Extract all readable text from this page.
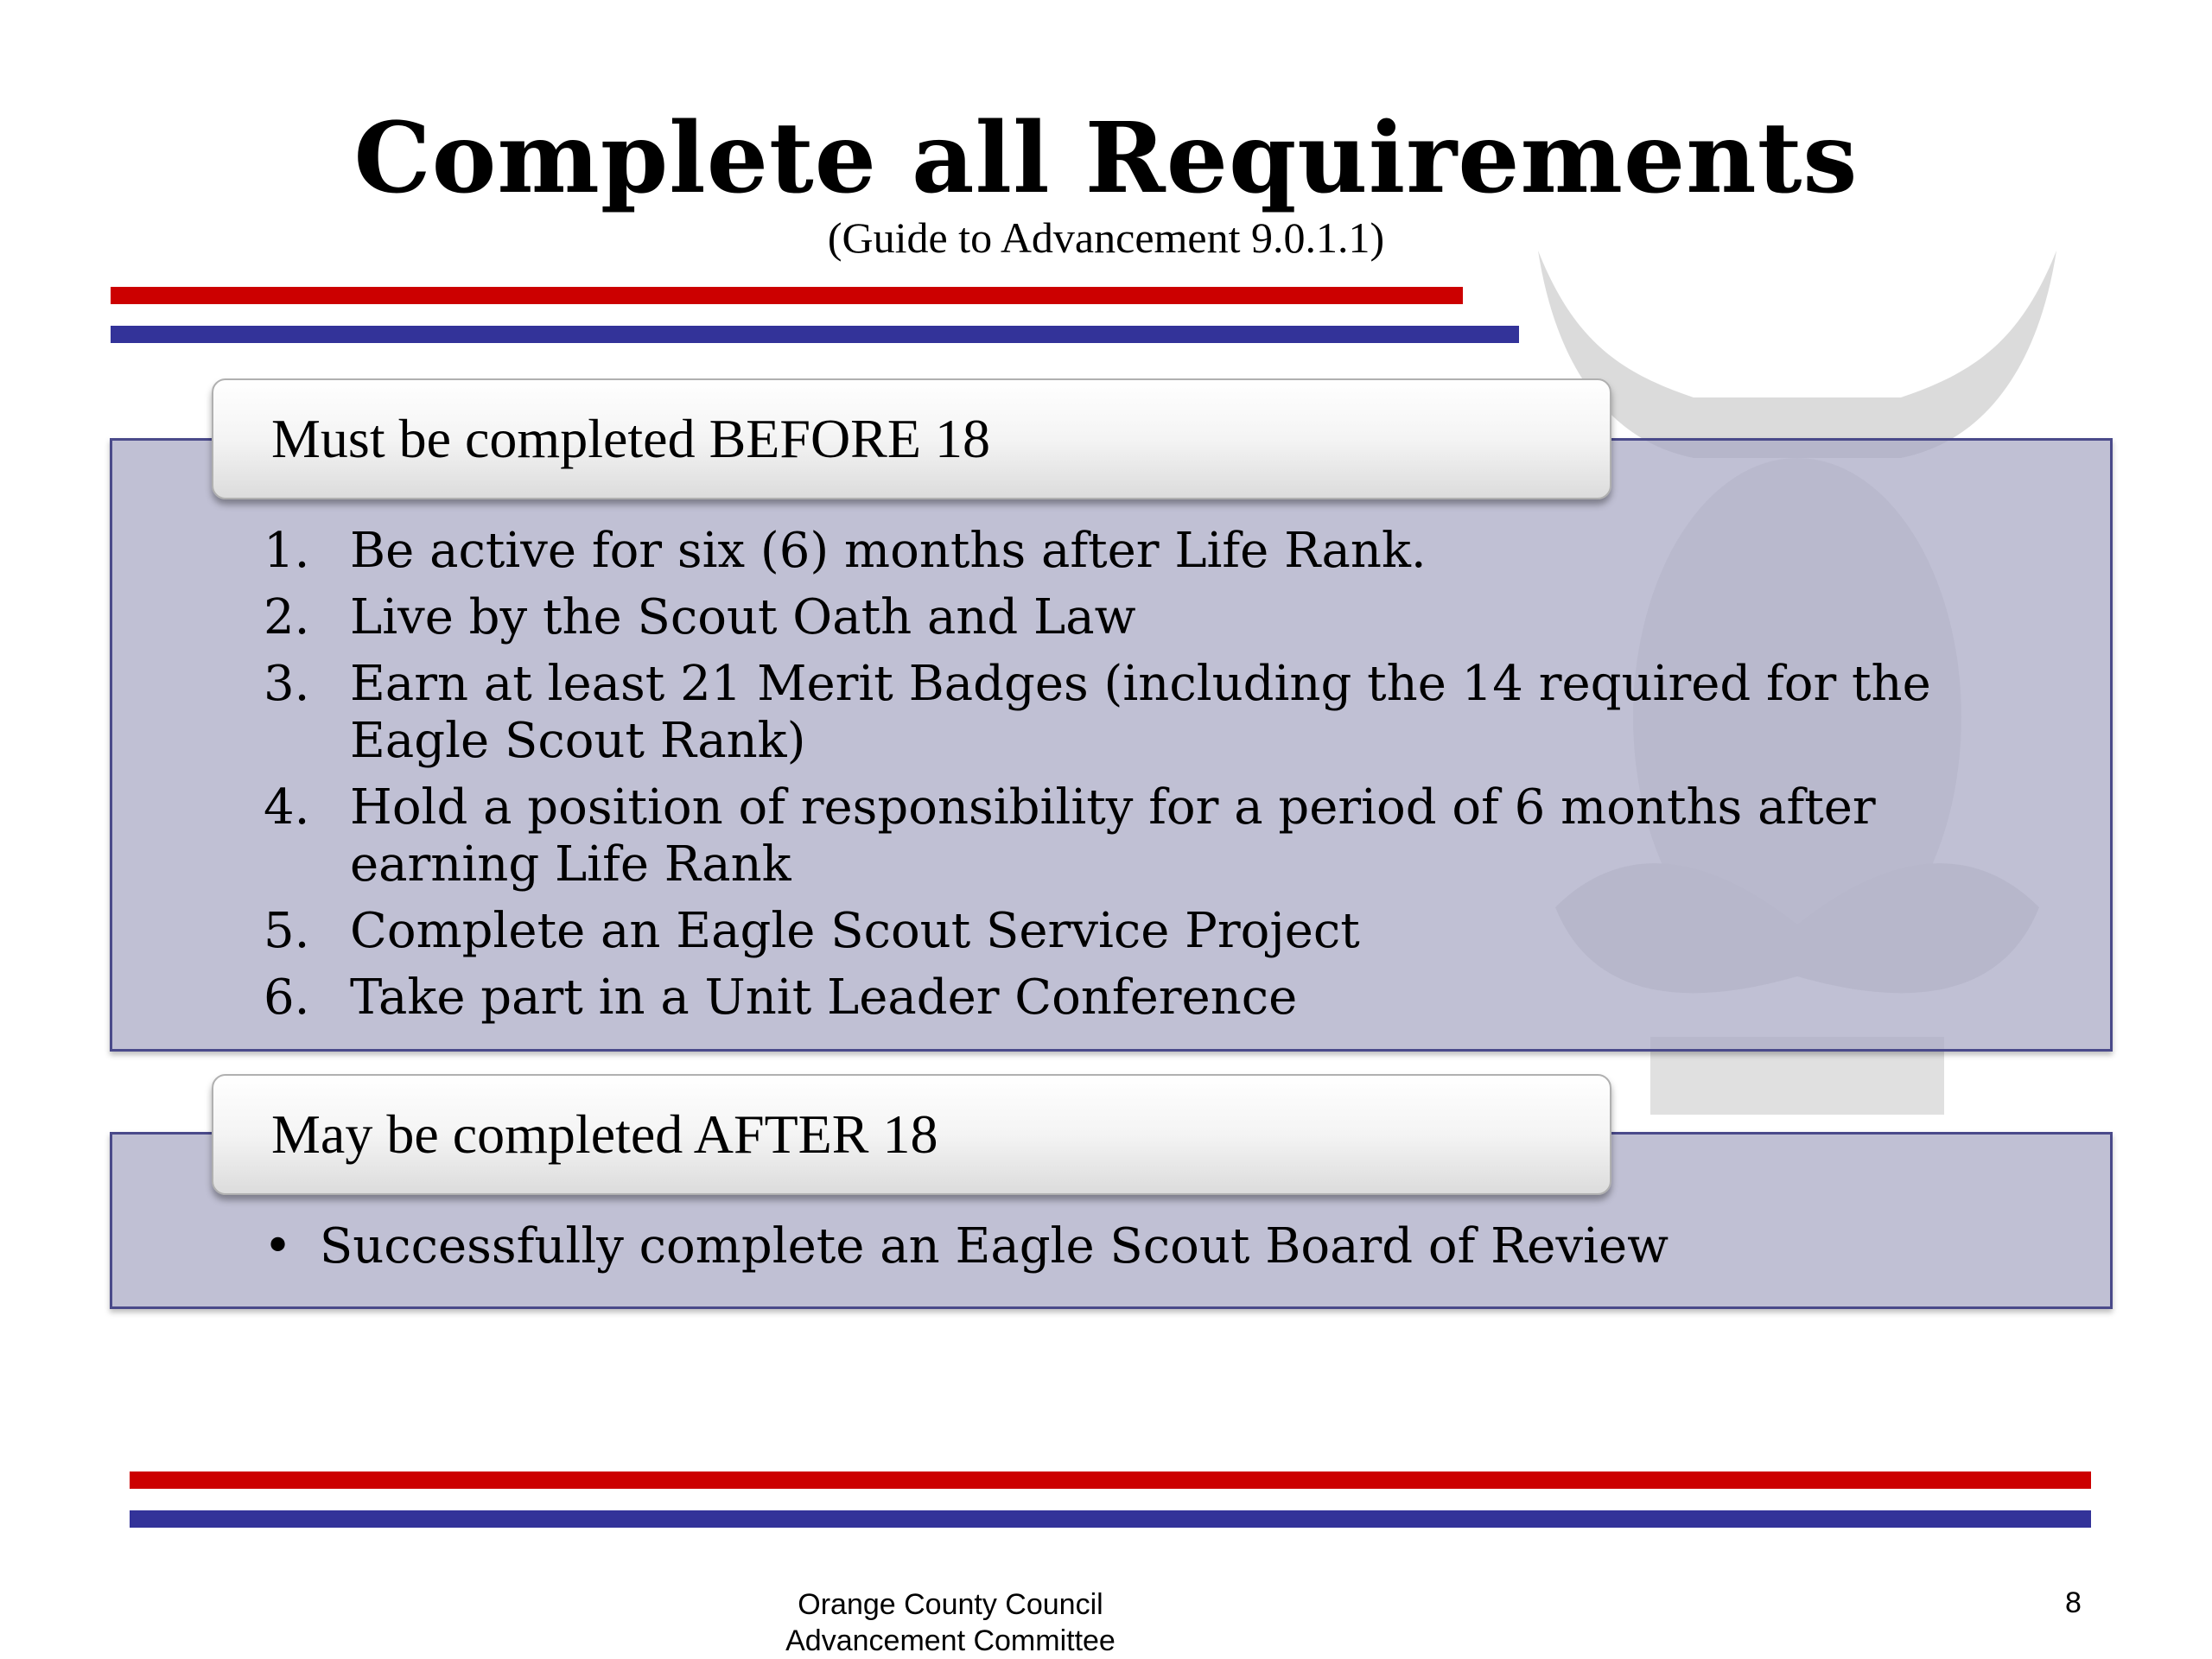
Complete all Requirements
(Guide to Advancement 9.0.1.1)
Must be completed BEFORE 18
1. Be active for six (6) months after Life Rank.
2. Live by the Scout Oath and Law
3. Earn at least 21 Merit Badges (including the 14 required for the Eagle Scout Rank)
4. Hold a position of responsibility for a period of 6 months after earning Life Rank
5. Complete an Eagle Scout Service Project
6. Take part in a Unit Leader Conference
May be completed AFTER 18
• Successfully complete an Eagle Scout Board of Review
Orange County Council
Advancement Committee
8
